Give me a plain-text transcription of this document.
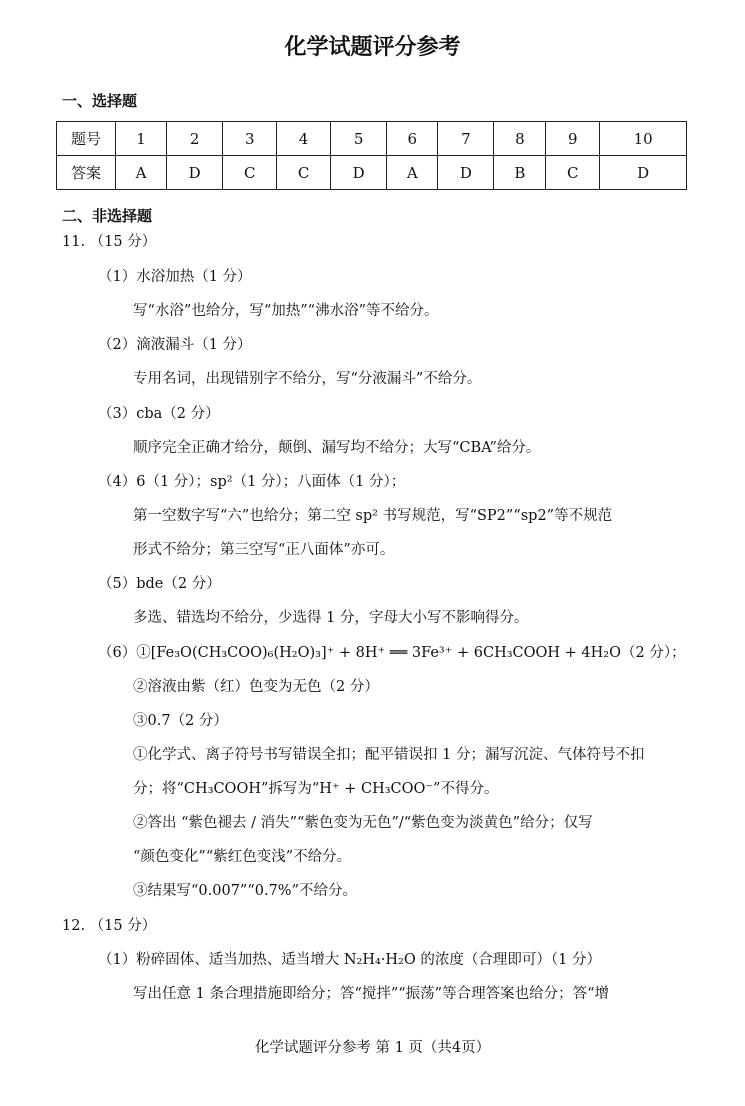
化学试题评分参考
一、选择题
题号	1	2	3	4	5	6	7	8	9	10
答案	A	D	C	C	D	A	D	B	C	D
二、非选择题
11. （15 分）
（1）水浴加热（1 分）
写“水浴”也给分，写“加热”“沸水浴”等不给分。
（2）滴液漏斗（1 分）
专用名词，出现错别字不给分，写“分液漏斗”不给分。
（3）cba（2 分）
顺序完全正确才给分，颠倒、漏写均不给分；大写“CBA”给分。
（4）6（1 分）；sp²（1 分）；八面体（1 分）；
第一空数字写“六”也给分；第二空 sp² 书写规范，写“SP2”“sp2”等不规范
形式不给分；第三空写“正八面体”亦可。
（5）bde（2 分）
多选、错选均不给分，少选得 1 分，字母大小写不影响得分。
（6）①[Fe₃O(CH₃COO)₆(H₂O)₃]⁺ + 8H⁺ ══ 3Fe³⁺ + 6CH₃COOH + 4H₂O（2 分）；
②溶液由紫（红）色变为无色（2 分）
③0.7（2 分）
①化学式、离子符号书写错误全扣；配平错误扣 1 分；漏写沉淀、气体符号不扣
分；将“CH₃COOH”拆写为“H⁺ + CH₃COO⁻”不得分。
②答出 “紫色褪去 / 消失”“紫色变为无色”/“紫色变为淡黄色”给分；仅写
“颜色变化”“紫红色变浅”不给分。
③结果写“0.007”“0.7%”不给分。
12. （15 分）
（1）粉碎固体、适当加热、适当增大 N₂H₄·H₂O 的浓度（合理即可）（1 分）
写出任意 1 条合理措施即给分；答“搅拌”“振荡”等合理答案也给分；答“增
化学试题评分参考 第 1 页（共4页）
